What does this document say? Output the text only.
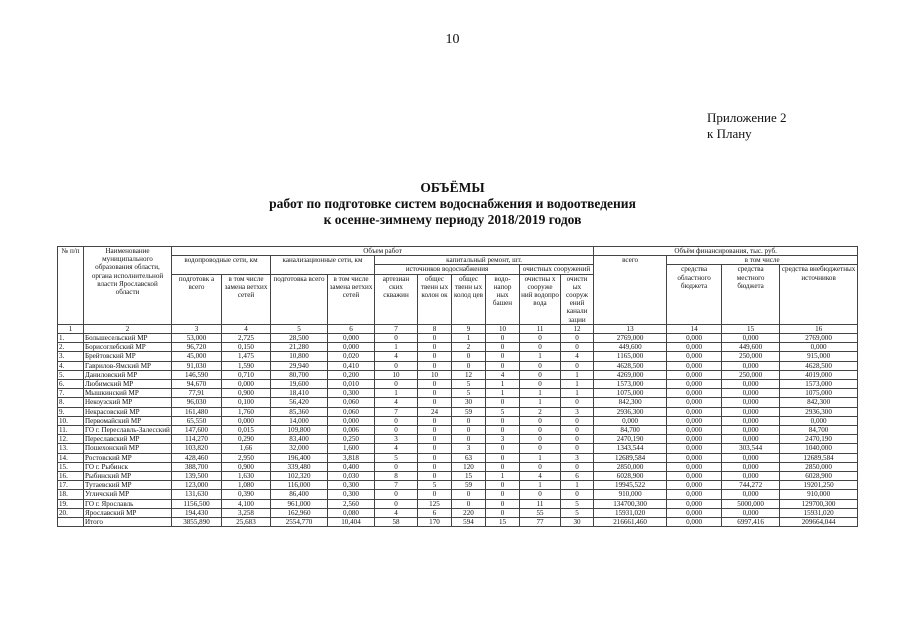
10
Приложение 2
к Плану
ОБЪЁМЫ
работ по подготовке систем водоснабжения и водоотведения
к осенне-зимнему периоду 2018/2019 годов
№ п/п	Наименование муниципального образования области, органа исполнительной власти Ярославской области	Объем работ										Объём финансирования, тыс. руб.			
		водопроводные сети, км		канализационные сети, км		капитальный ремонт, шт.						всего	в том числе		
						источников водоснабжения				очистных сооружений			средства областного бюджета	средства местного бюджета	средства внебюджетных источников
		подготовк а всего	в том числе замена ветхих сетей	подготовка всего	в том числе замена ветхих сетей	артезиан ских скважин	общес твенн ых колон ок	общес твенн ых колод цев	водо- напор ных башен	очистны х сооруже ний водопро вода	очисти ых сооруж ений канали зации				
1	2	3	4	5	6	7	8	9	10	11	12	13	14	15	16
1.	Большесельский МР	53,000	2,725	28,500	0,000	0	0	1	0	0	0	2769,000	0,000	0,000	2769,000
2.	Борисоглебский МР	96,720	0,150	21,280	0,000	1	0	2	0	0	0	449,600	0,000	449,600	0,000
3.	Брейтовский МР	45,000	1,475	10,800	0,020	4	0	0	0	1	4	1165,000	0,000	250,000	915,000
4.	Гаврилов-Ямский МР	91,030	1,590	29,940	0,410	0	0	0	0	0	0	4628,500	0,000	0,000	4628,500
5.	Даниловский МР	146,590	0,710	80,700	0,200	10	10	12	4	0	1	4269,000	0,000	250,000	4019,000
6.	Любимский МР	94,670	0,000	19,600	0,010	0	0	5	1	0	1	1573,000	0,000	0,000	1573,000
7.	Мышкинский МР	77,91	0,900	18,410	0,300	1	0	5	1	1	1	1075,000	0,000	0,000	1075,000
8.	Некоузский МР	96,030	0,100	56,420	0,060	4	0	30	0	1	0	842,300	0,000	0,000	842,300
9.	Некрасовский МР	161,480	1,760	85,360	0,060	7	24	59	5	2	3	2936,300	0,000	0,000	2936,300
10.	Первомайский МР	65,550	0,000	14,000	0,000	0	0	0	0	0	0	0,000	0,000	0,000	0,000
11.	ГО г. Переславль-Залесский	147,600	0,015	109,800	0,006	0	0	0	0	0	0	84,700	0,000	0,000	84,700
12.	Переславский МР	114,270	0,290	83,400	0,250	3	0	0	3	0	0	2470,190	0,000	0,000	2470,190
13.	Пошехонский МР	103,820	1,66	32,000	1,600	4	0	3	0	0	0	1343,544	0,000	303,544	1040,000
14.	Ростовский МР	428,460	2,950	196,400	3,818	5	0	63	0	1	3	12689,584	0,000	0,000	12689,584
15.	ГО г. Рыбинск	388,700	0,900	339,480	0,400	0	0	120	0	0	0	2850,000	0,000	0,000	2850,000
16.	Рыбинский МР	139,500	1,630	102,320	0,030	8	0	15	1	4	6	6028,900	0,000	0,000	6028,900
17.	Тутаевский МР	123,000	1,080	116,000	0,300	7	5	59	0	1	1	19945,522	0,000	744,272	19201,250
18.	Угличский МР	131,630	0,390	86,400	0,300	0	0	0	0	0	0	910,000	0,000	0,000	910,000
19.	ГО г. Ярославль	1156,500	4,100	961,000	2,560	0	125	0	0	11	5	134700,300	0,000	5000,000	129700,300
20.	Ярославский МР	194,430	3,258	162,960	0,080	4	6	220	0	55	5	15931,020	0,000	0,000	15931,020
	Итого	3855,890	25,683	2554,770	10,404	58	170	594	15	77	30	216661,460	0,000	6997,416	209664,044
